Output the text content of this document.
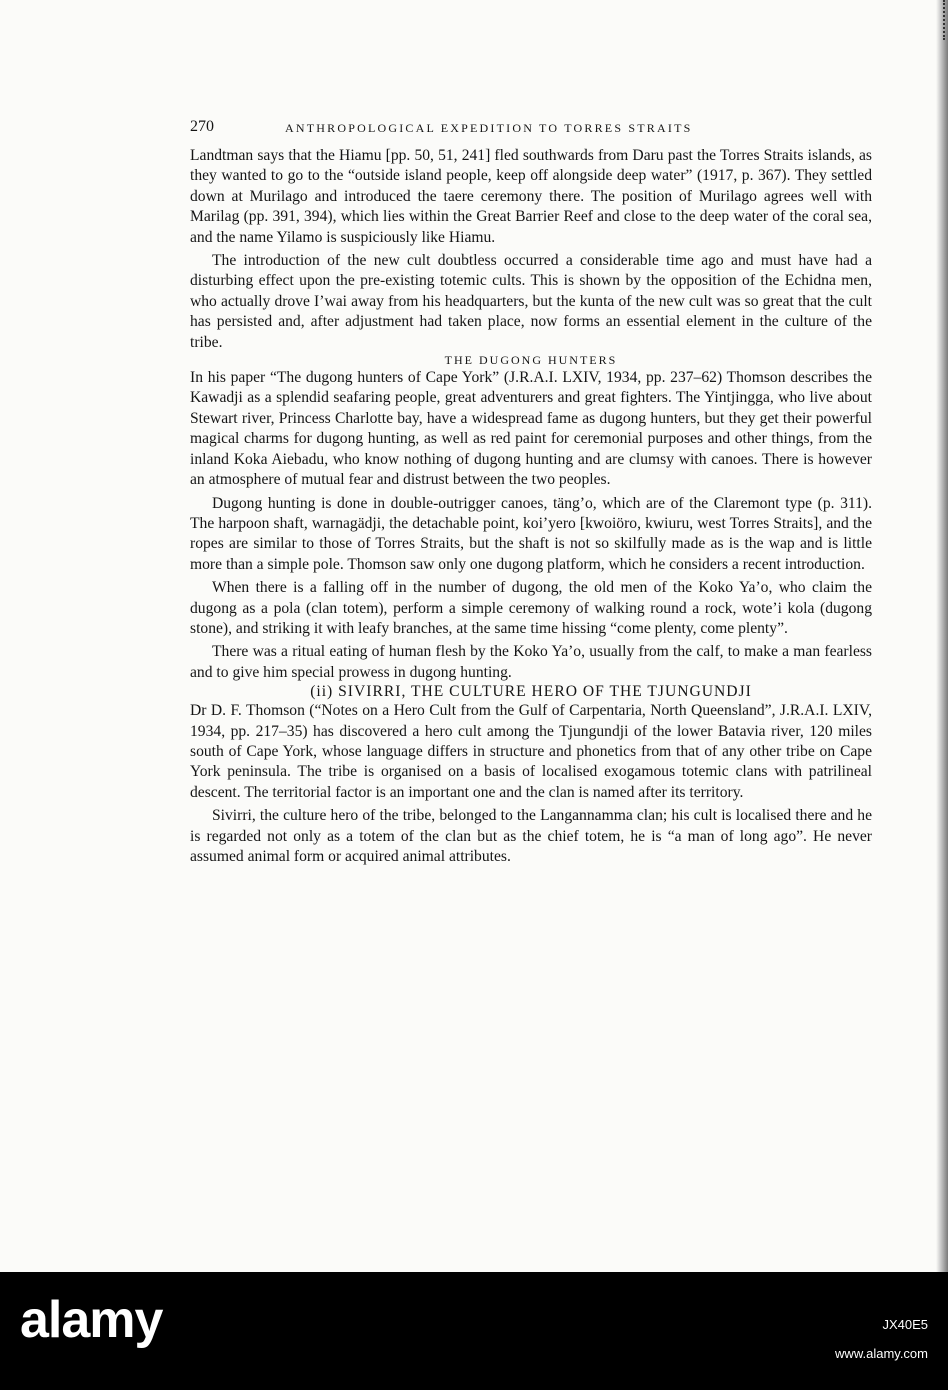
270	ANTHROPOLOGICAL EXPEDITION TO TORRES STRAITS

Landtman says that the Hiamu [pp. 50, 51, 241] fled southwards from Daru past the Torres Straits islands, as they wanted to go to the “outside island people, keep off alongside deep water” (1917, p. 367). They settled down at Murilago and introduced the taere ceremony there. The position of Murilago agrees well with Marilag (pp. 391, 394), which lies within the Great Barrier Reef and close to the deep water of the coral sea, and the name Yilamo is suspiciously like Hiamu.

The introduction of the new cult doubtless occurred a considerable time ago and must have had a disturbing effect upon the pre-existing totemic cults. This is shown by the opposition of the Echidna men, who actually drove I’wai away from his headquarters, but the kunta of the new cult was so great that the cult has persisted and, after adjustment had taken place, now forms an essential element in the culture of the tribe.

THE DUGONG HUNTERS

In his paper “The dugong hunters of Cape York” (J.R.A.I. LXIV, 1934, pp. 237–62) Thomson describes the Kawadji as a splendid seafaring people, great adventurers and great fighters. The Yintjingga, who live about Stewart river, Princess Charlotte bay, have a widespread fame as dugong hunters, but they get their powerful magical charms for dugong hunting, as well as red paint for ceremonial purposes and other things, from the inland Koka Aiebadu, who know nothing of dugong hunting and are clumsy with canoes. There is however an atmosphere of mutual fear and distrust between the two peoples.

Dugong hunting is done in double-outrigger canoes, täng’o, which are of the Claremont type (p. 311). The harpoon shaft, warnagädji, the detachable point, koi’yero [kwoiöro, kwiuru, west Torres Straits], and the ropes are similar to those of Torres Straits, but the shaft is not so skilfully made as is the wap and is little more than a simple pole. Thomson saw only one dugong platform, which he considers a recent introduction.

When there is a falling off in the number of dugong, the old men of the Koko Ya’o, who claim the dugong as a pola (clan totem), perform a simple ceremony of walking round a rock, wote’i kola (dugong stone), and striking it with leafy branches, at the same time hissing “come plenty, come plenty”.

There was a ritual eating of human flesh by the Koko Ya’o, usually from the calf, to make a man fearless and to give him special prowess in dugong hunting.

(ii) SIVIRRI, THE CULTURE HERO OF THE TJUNGUNDJI

Dr D. F. Thomson (“Notes on a Hero Cult from the Gulf of Carpentaria, North Queensland”, J.R.A.I. LXIV, 1934, pp. 217–35) has discovered a hero cult among the Tjungundji of the lower Batavia river, 120 miles south of Cape York, whose language differs in structure and phonetics from that of any other tribe on Cape York peninsula. The tribe is organised on a basis of localised exogamous totemic clans with patrilineal descent. The territorial factor is an important one and the clan is named after its territory.

Sivirri, the culture hero of the tribe, belonged to the Langannamma clan; his cult is localised there and he is regarded not only as a totem of the clan but as the chief totem, he is “a man of long ago”. He never assumed animal form or acquired animal attributes.

alamy	JX40E5
www.alamy.com
